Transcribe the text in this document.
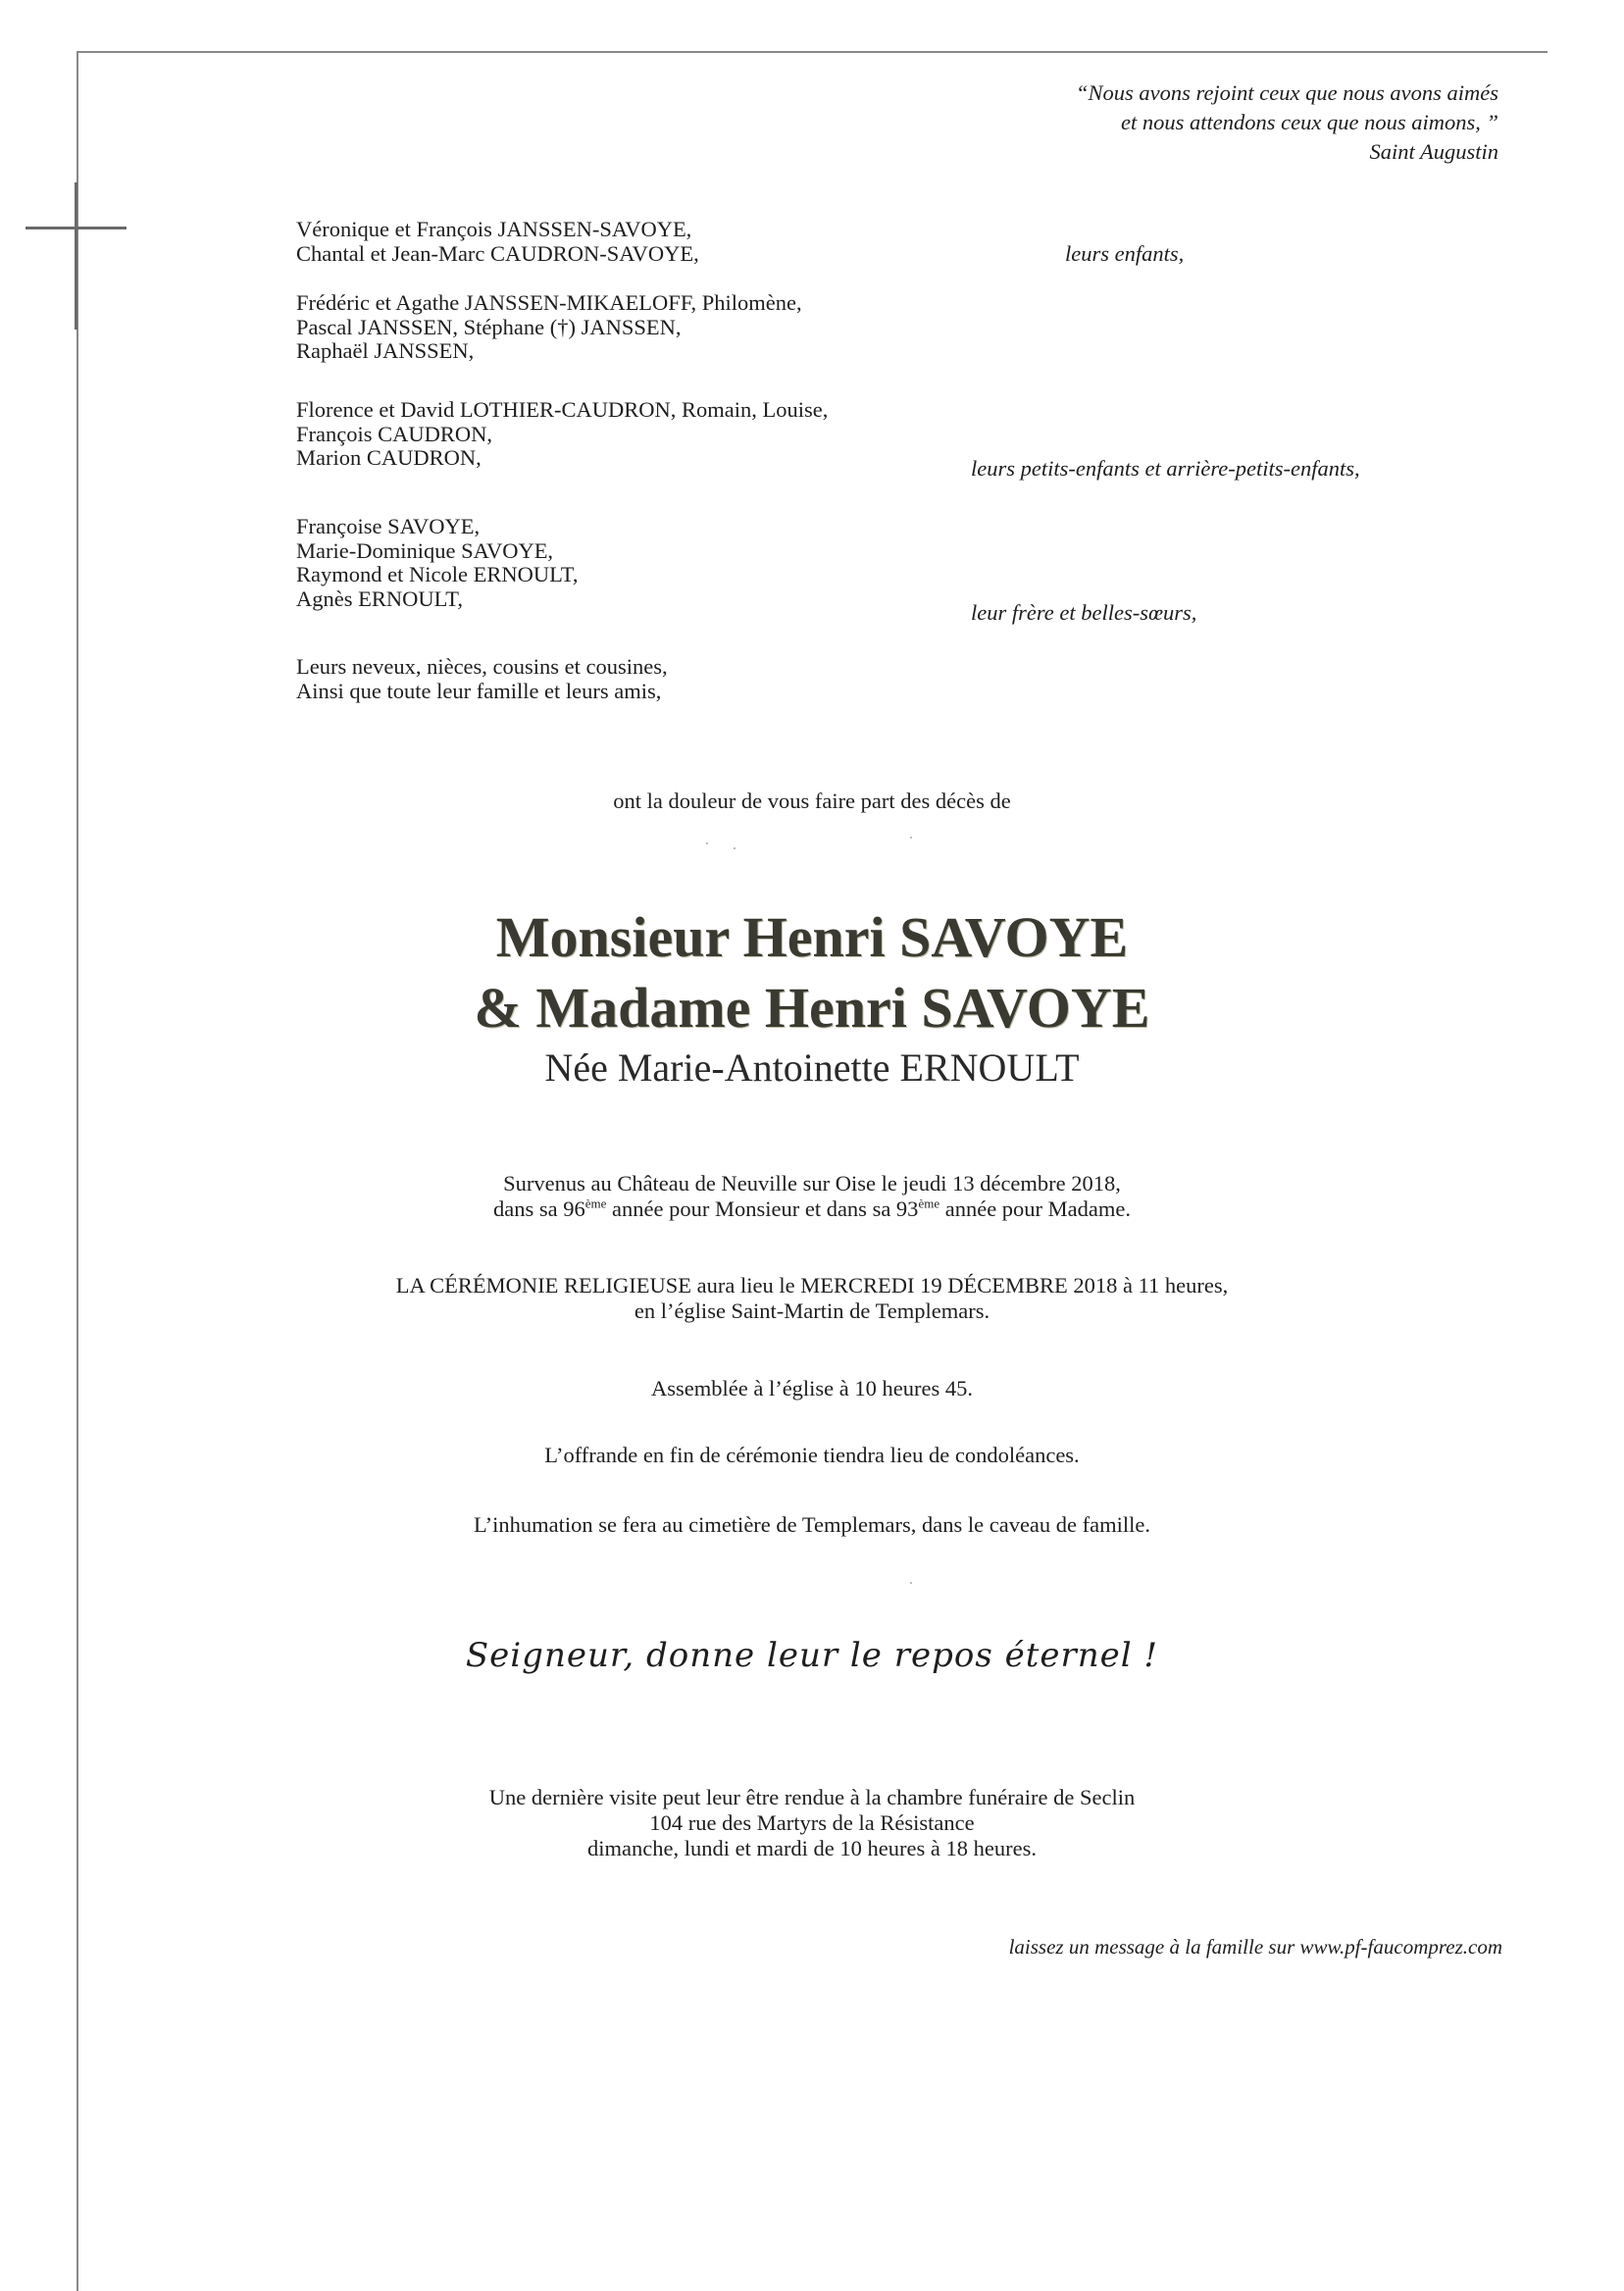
“Nous avons rejoint ceux que nous avons aimés
et nous attendons ceux que nous aimons, ”
Saint Augustin
Véronique et François JANSSEN-SAVOYE,
Chantal et Jean-Marc CAUDRON-SAVOYE,	leurs enfants,
Frédéric et Agathe JANSSEN-MIKAELOFF, Philomène,
Pascal JANSSEN, Stéphane (†) JANSSEN,
Raphaël JANSSEN,
Florence et David LOTHIER-CAUDRON, Romain, Louise,
François CAUDRON,
Marion CAUDRON,	leurs petits-enfants et arrière-petits-enfants,
Françoise SAVOYE,
Marie-Dominique SAVOYE,
Raymond et Nicole ERNOULT,
Agnès ERNOULT,
leur frère et belles-sœurs,
Leurs neveux, nièces, cousins et cousines,
Ainsi que toute leur famille et leurs amis,
ont la douleur de vous faire part des décès de
Monsieur Henri SAVOYE
& Madame Henri SAVOYE
Née Marie-Antoinette ERNOULT

Survenus au Château de Neuville sur Oise le jeudi 13 décembre 2018,

dans sa 96ème année pour Monsieur et dans sa 93ème année pour Madame.

LA CÉRÉMONIE RELIGIEUSE aura lieu le MERCREDI 19 DÉCEMBRE 2018 à 11 heures,

en l’église Saint-Martin de Templemars.

Assemblée à l’église à 10 heures 45.
L’offrande en fin de cérémonie tiendra lieu de condoléances.
L’inhumation se fera au cimetière de Templemars, dans le caveau de famille.
Seigneur, donne leur le repos éternel !

Une dernière visite peut leur être rendue à la chambre funéraire de Seclin

104 rue des Martyrs de la Résistance

dimanche, lundi et mardi de 10 heures à 18 heures.

laissez un message à la famille sur www.pf-faucomprez.com
